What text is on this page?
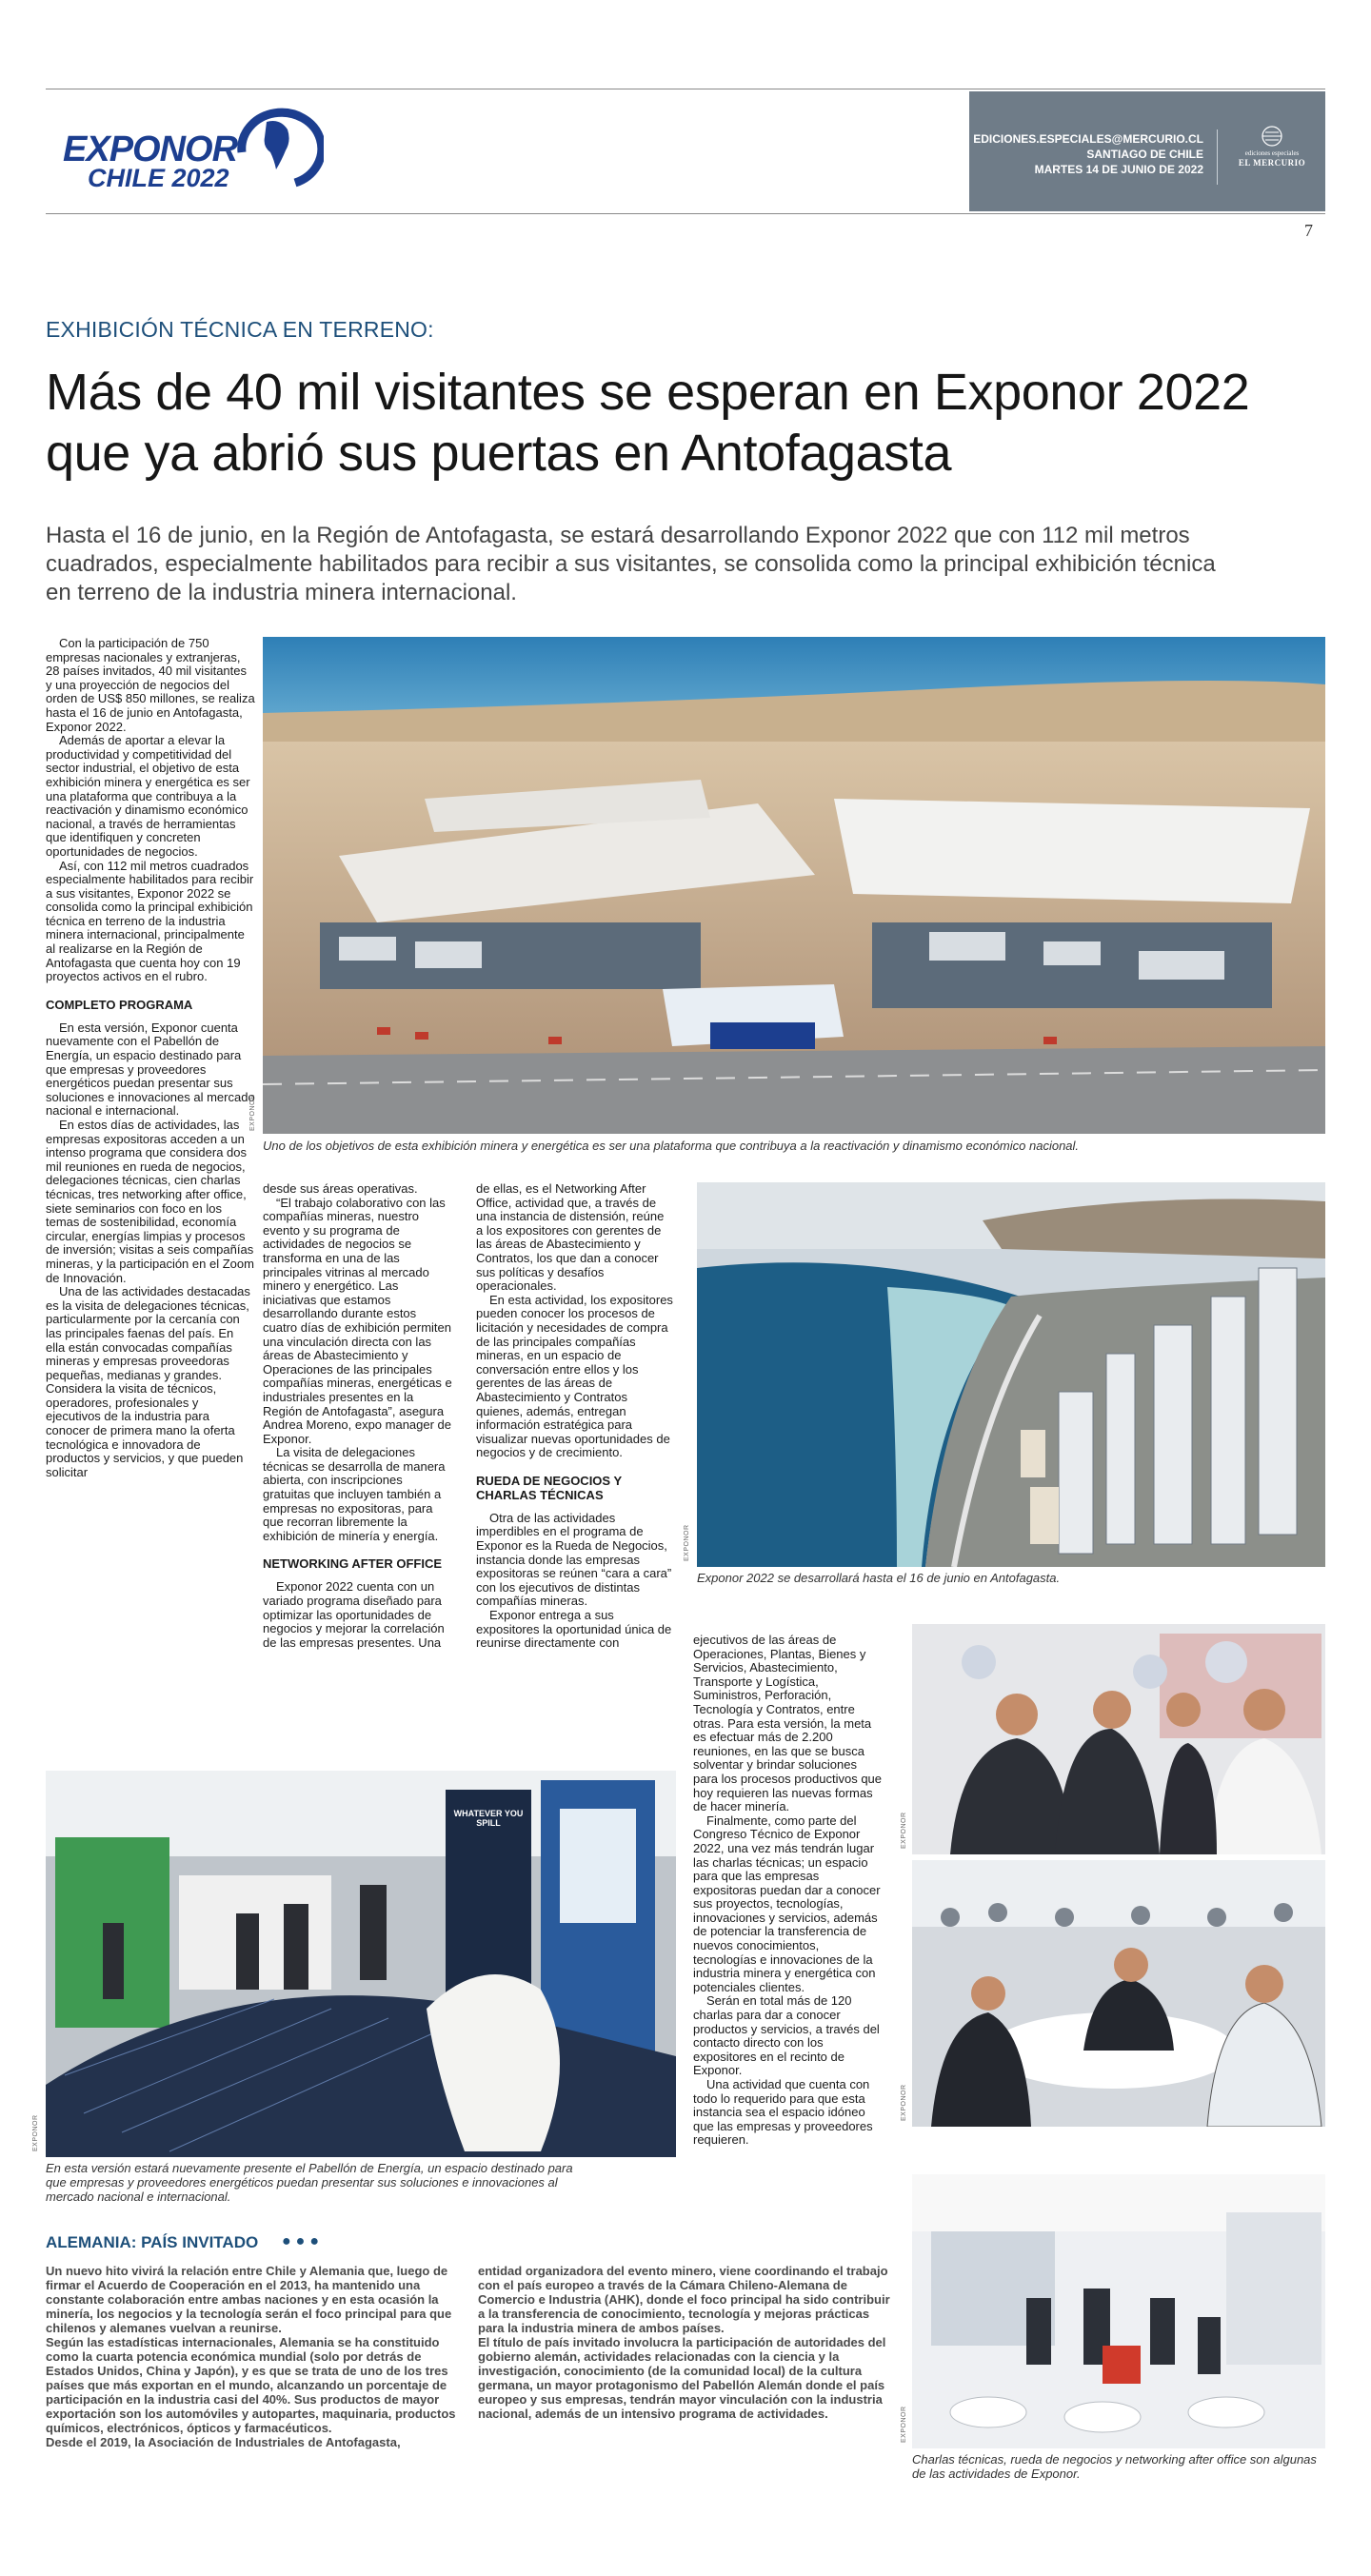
EXPONOR
CHILE 2022
EDICIONES.ESPECIALES@MERCURIO.CL
SANTIAGO DE CHILE
MARTES 14 DE JUNIO DE 2022
ediciones especiales
EL MERCURIO
7
EXHIBICIÓN TÉCNICA EN TERRENO:
Más de 40 mil visitantes se esperan en Exponor 2022 que ya abrió sus puertas en Antofagasta
Hasta el 16 de junio, en la Región de Antofagasta, se estará desarrollando Exponor 2022 que con 112 mil metros cuadrados, especialmente habilitados para recibir a sus visitantes, se consolida como la principal exhibición técnica en terreno de la industria minera internacional.

Con la participación de 750 empresas nacionales y extranjeras, 28 países invitados, 40 mil visitantes y una proyección de negocios del orden de US$ 850 millones, se realiza hasta el 16 de junio en Antofagasta, Exponor 2022.

Además de aportar a elevar la productividad y competitividad del sector industrial, el objetivo de esta exhibición minera y energética es ser una plataforma que contribuya a la reactivación y dinamismo económico nacional, a través de herramientas que identifiquen y concreten oportunidades de negocios.

Así, con 112 mil metros cuadrados especialmente habilitados para recibir a sus visitantes, Exponor 2022 se consolida como la principal exhibición técnica en terreno de la industria minera internacional, principalmente al realizarse en la Región de Antofagasta que cuenta hoy con 19 proyectos activos en el rubro.

COMPLETO PROGRAMA

En esta versión, Exponor cuenta nuevamente con el Pabellón de Energía, un espacio destinado para que empresas y proveedores energéticos puedan presentar sus soluciones e innovaciones al mercado nacional e internacional.

En estos días de actividades, las empresas expositoras acceden a un intenso programa que considera dos mil reuniones en rueda de negocios, delegaciones técnicas, cien charlas técnicas, tres networking after office, siete seminarios con foco en los temas de sostenibilidad, economía circular, energías limpias y procesos de inversión; visitas a seis compañías mineras, y la participación en el Zoom de Innovación.

Una de las actividades destacadas es la visita de delegaciones técnicas, particularmente por la cercanía con las principales faenas del país. En ella están convocadas compañías mineras y empresas proveedoras pequeñas, medianas y grandes. Considera la visita de técnicos, operadores, profesionales y ejecutivos de la industria para conocer de primera mano la oferta tecnológica e innovadora de productos y servicios, y que pueden solicitar

EXPONOR
Uno de los objetivos de esta exhibición minera y energética es ser una plataforma que contribuya a la reactivación y dinamismo económico nacional.

desde sus áreas operativas.

“El trabajo colaborativo con las compañías mineras, nuestro evento y su programa de actividades de negocios se transforma en una de las principales vitrinas al mercado minero y energético. Las iniciativas que estamos desarrollando durante estos cuatro días de exhibición permiten una vinculación directa con las áreas de Abastecimiento y Operaciones de las principales compañías mineras, energéticas e industriales presentes en la Región de Antofagasta”, asegura Andrea Moreno, expo manager de Exponor.

La visita de delegaciones técnicas se desarrolla de manera abierta, con inscripciones gratuitas que incluyen también a empresas no expositoras, para que recorran libremente la exhibición de minería y energía.

NETWORKING AFTER OFFICE

Exponor 2022 cuenta con un variado programa diseñado para optimizar las oportunidades de negocios y mejorar la correlación de las empresas presentes. Una

de ellas, es el Networking After Office, actividad que, a través de una instancia de distensión, reúne a los expositores con gerentes de las áreas de Abastecimiento y Contratos, los que dan a conocer sus políticas y desafíos operacionales.

En esta actividad, los expositores pueden conocer los procesos de licitación y necesidades de compra de las principales compañías mineras, en un espacio de conversación entre ellos y los gerentes de las áreas de Abastecimiento y Contratos quienes, además, entregan información estratégica para visualizar nuevas oportunidades de negocios y de crecimiento.

RUEDA DE NEGOCIOS Y CHARLAS TÉCNICAS

Otra de las actividades imperdibles en el programa de Exponor es la Rueda de Negocios, instancia donde las empresas expositoras se reúnen “cara a cara” con los ejecutivos de distintas compañías mineras.

Exponor entrega a sus expositores la oportunidad única de reunirse directamente con

EXPONOR
Exponor 2022 se desarrollará hasta el 16 de junio en Antofagasta.

ejecutivos de las áreas de Operaciones, Plantas, Bienes y Servicios, Abastecimiento, Transporte y Logística, Suministros, Perforación, Tecnología y Contratos, entre otras. Para esta versión, la meta es efectuar más de 2.200 reuniones, en las que se busca solventar y brindar soluciones para los procesos productivos que hoy requieren las nuevas formas de hacer minería.

Finalmente, como parte del Congreso Técnico de Exponor 2022, una vez más tendrán lugar las charlas técnicas; un espacio para que las empresas expositoras puedan dar a conocer sus proyectos, tecnologías, innovaciones y servicios, además de potenciar la transferencia de nuevos conocimientos, tecnologías e innovaciones de la industria minera y energética con potenciales clientes.

Serán en total más de 120 charlas para dar a conocer productos y servicios, a través del contacto directo con los expositores en el recinto de Exponor.

Una actividad que cuenta con todo lo requerido para que esta instancia sea el espacio idóneo que las empresas y proveedores requieren.

WHATEVER YOU SPILL
EXPONOR
En esta versión estará nuevamente presente el Pabellón de Energía, un espacio destinado para que empresas y proveedores energéticos puedan presentar sus soluciones e innovaciones al mercado nacional e internacional.
EXPONOR
EXPONOR
EXPONOR
Charlas técnicas, rueda de negocios y networking after office son algunas de las actividades de Exponor.
ALEMANIA: PAÍS INVITADO ●●●

Un nuevo hito vivirá la relación entre Chile y Alemania que, luego de firmar el Acuerdo de Cooperación en el 2013, ha mantenido una constante colaboración entre ambas naciones y en esta ocasión la minería, los negocios y la tecnología serán el foco principal para que chilenos y alemanes vuelvan a reunirse.

Según las estadísticas internacionales, Alemania se ha constituido como la cuarta potencia económica mundial (solo por detrás de Estados Unidos, China y Japón), y es que se trata de uno de los tres países que más exportan en el mundo, alcanzando un porcentaje de participación en la industria casi del 40%. Sus productos de mayor exportación son los automóviles y autopartes, maquinaria, productos químicos, electrónicos, ópticos y farmacéuticos.

Desde el 2019, la Asociación de Industriales de Antofagasta,

entidad organizadora del evento minero, viene coordinando el trabajo con el país europeo a través de la Cámara Chileno-Alemana de Comercio e Industria (AHK), donde el foco principal ha sido contribuir a la transferencia de conocimiento, tecnología y mejoras prácticas para la industria minera de ambos países.

El título de país invitado involucra la participación de autoridades del gobierno alemán, actividades relacionadas con la ciencia y la investigación, conocimiento (de la comunidad local) de la cultura germana, un mayor protagonismo del Pabellón Alemán donde el país europeo y sus empresas, tendrán mayor vinculación con la industria nacional, además de un intensivo programa de actividades.
